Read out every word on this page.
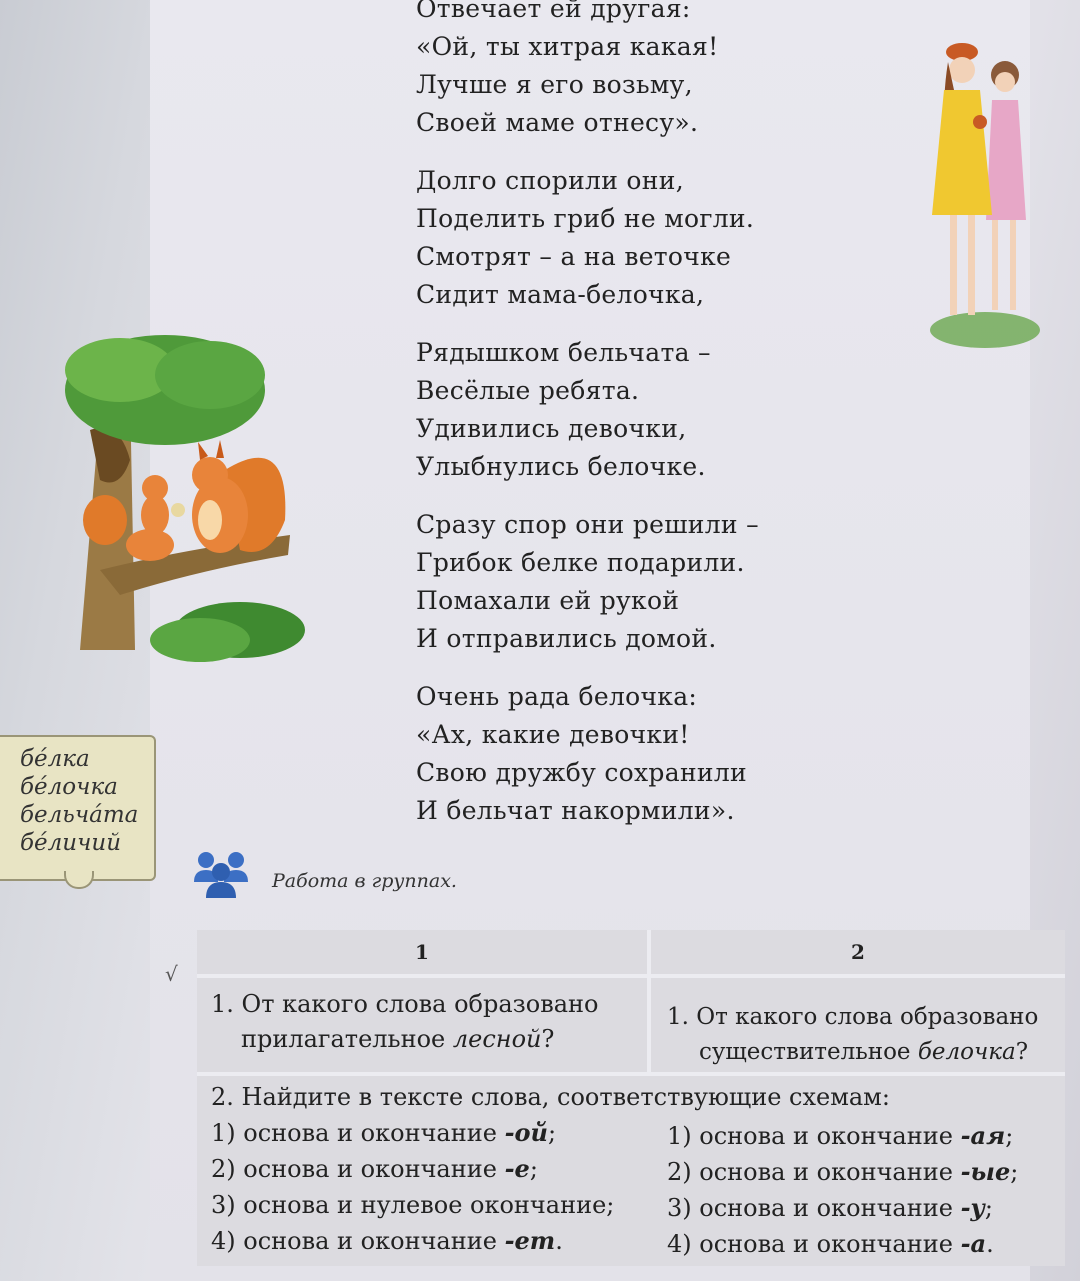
Отвечает ей другая:
«Ой, ты хитрая какая!
Лучше я его возьму,
Своей маме отнесу».
Долго спорили они,
Поделить гриб не могли.
Смотрят – а на веточке
Сидит мама-белочка,
Рядышком бельчата –
Весёлые ребята.
Удивились девочки,
Улыбнулись белочке.
Сразу спор они решили –
Грибок белке подарили.
Помахали ей рукой
И отправились домой.
Очень рада белочка:
«Ах, какие девочки!
Свою дружбу сохранили
И бельчат накормили».
бе́лка
бе́лочка
бельча́та
бе́личий
Работа в группах.
√
1	2
1. От какого слова образовано
прилагательное лесной?
1. От какого слова образовано
существительное белочка?
2. Найдите в тексте слова, соответствующие схемам:
1) основа и окончание -ой;
2) основа и окончание -е;
3) основа и нулевое окончание;
4) основа и окончание -ет.
1) основа и окончание -ая;
2) основа и окончание -ые;
3) основа и окончание -у;
4) основа и окончание -а.
